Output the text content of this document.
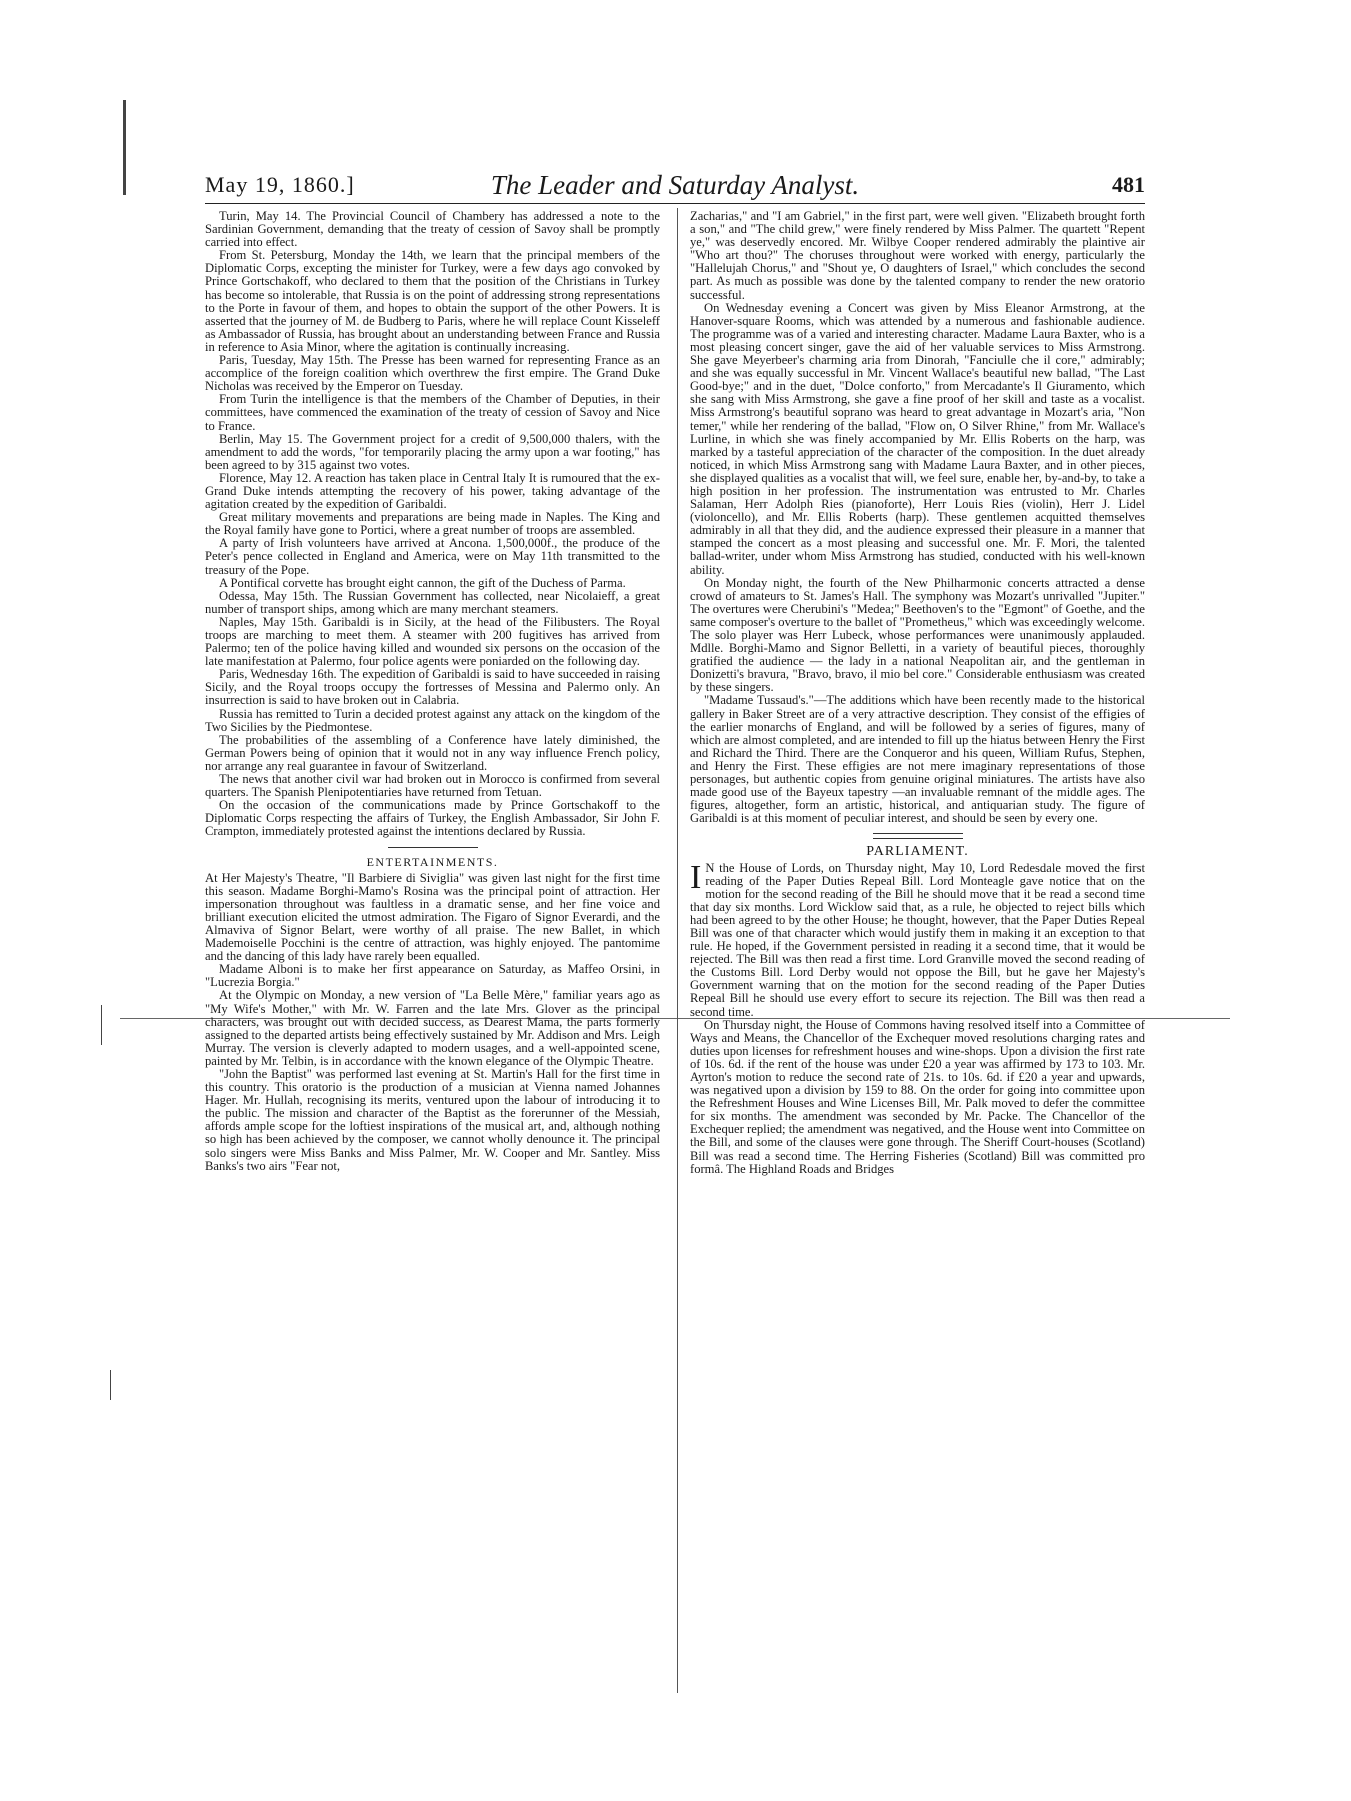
May 19, 1860.]	The Leader and Saturday Analyst.	481

Turin, May 14. The Provincial Council of Chambery has addressed a note to the Sardinian Government, demanding that the treaty of cession of Savoy shall be promptly carried into effect.

From St. Petersburg, Monday the 14th, we learn that the principal members of the Diplomatic Corps, excepting the minister for Turkey, were a few days ago convoked by Prince Gortschakoff, who declared to them that the position of the Christians in Turkey has become so intolerable, that Russia is on the point of addressing strong representations to the Porte in favour of them, and hopes to obtain the support of the other Powers. It is asserted that the journey of M. de Budberg to Paris, where he will replace Count Kisseleff as Ambassador of Russia, has brought about an understanding between France and Russia in reference to Asia Minor, where the agitation is continually increasing.

Paris, Tuesday, May 15th. The Presse has been warned for representing France as an accomplice of the foreign coalition which overthrew the first empire. The Grand Duke Nicholas was received by the Emperor on Tuesday.

From Turin the intelligence is that the members of the Chamber of Deputies, in their committees, have commenced the examination of the treaty of cession of Savoy and Nice to France.

Berlin, May 15. The Government project for a credit of 9,500,000 thalers, with the amendment to add the words, "for temporarily placing the army upon a war footing," has been agreed to by 315 against two votes.

Florence, May 12. A reaction has taken place in Central Italy It is rumoured that the ex-Grand Duke intends attempting the recovery of his power, taking advantage of the agitation created by the expedition of Garibaldi.

Great military movements and preparations are being made in Naples. The King and the Royal family have gone to Portici, where a great number of troops are assembled.

A party of Irish volunteers have arrived at Ancona. 1,500,000f., the produce of the Peter's pence collected in England and America, were on May 11th transmitted to the treasury of the Pope.

A Pontifical corvette has brought eight cannon, the gift of the Duchess of Parma.

Odessa, May 15th. The Russian Government has collected, near Nicolaieff, a great number of transport ships, among which are many merchant steamers.

Naples, May 15th. Garibaldi is in Sicily, at the head of the Filibusters. The Royal troops are marching to meet them. A steamer with 200 fugitives has arrived from Palermo; ten of the police having killed and wounded six persons on the occasion of the late manifestation at Palermo, four police agents were poniarded on the following day.

Paris, Wednesday 16th. The expedition of Garibaldi is said to have succeeded in raising Sicily, and the Royal troops occupy the fortresses of Messina and Palermo only. An insurrection is said to have broken out in Calabria.

Russia has remitted to Turin a decided protest against any attack on the kingdom of the Two Sicilies by the Piedmontese.

The probabilities of the assembling of a Conference have lately diminished, the German Powers being of opinion that it would not in any way influence French policy, nor arrange any real guarantee in favour of Switzerland.

The news that another civil war had broken out in Morocco is confirmed from several quarters. The Spanish Plenipotentiaries have returned from Tetuan.

On the occasion of the communications made by Prince Gortschakoff to the Diplomatic Corps respecting the affairs of Turkey, the English Ambassador, Sir John F. Crampton, immediately protested against the intentions declared by Russia.

ENTERTAINMENTS.

At Her Majesty's Theatre, "Il Barbiere di Siviglia" was given last night for the first time this season. Madame Borghi-Mamo's Rosina was the principal point of attraction. Her impersonation throughout was faultless in a dramatic sense, and her fine voice and brilliant execution elicited the utmost admiration. The Figaro of Signor Everardi, and the Almaviva of Signor Belart, were worthy of all praise. The new Ballet, in which Mademoiselle Pocchini is the centre of attraction, was highly enjoyed. The pantomime and the dancing of this lady have rarely been equalled.

Madame Alboni is to make her first appearance on Saturday, as Maffeo Orsini, in "Lucrezia Borgia."

At the Olympic on Monday, a new version of "La Belle Mère," familiar years ago as "My Wife's Mother," with Mr. W. Farren and the late Mrs. Glover as the principal characters, was brought out with decided success, as Dearest Mama, the parts formerly assigned to the departed artists being effectively sustained by Mr. Addison and Mrs. Leigh Murray. The version is cleverly adapted to modern usages, and a well-appointed scene, painted by Mr. Telbin, is in accordance with the known elegance of the Olympic Theatre.

"John the Baptist" was performed last evening at St. Martin's Hall for the first time in this country. This oratorio is the production of a musician at Vienna named Johannes Hager. Mr. Hullah, recognising its merits, ventured upon the labour of introducing it to the public. The mission and character of the Baptist as the forerunner of the Messiah, affords ample scope for the loftiest inspirations of the musical art, and, although nothing so high has been achieved by the composer, we cannot wholly denounce it. The principal solo singers were Miss Banks and Miss Palmer, Mr. W. Cooper and Mr. Santley. Miss Banks's two airs "Fear not,

Zacharias," and "I am Gabriel," in the first part, were well given. "Elizabeth brought forth a son," and "The child grew," were finely rendered by Miss Palmer. The quartett "Repent ye," was deservedly encored. Mr. Wilbye Cooper rendered admirably the plaintive air "Who art thou?" The choruses throughout were worked with energy, particularly the "Hallelujah Chorus," and "Shout ye, O daughters of Israel," which concludes the second part. As much as possible was done by the talented company to render the new oratorio successful.

On Wednesday evening a Concert was given by Miss Eleanor Armstrong, at the Hanover-square Rooms, which was attended by a numerous and fashionable audience. The programme was of a varied and interesting character. Madame Laura Baxter, who is a most pleasing concert singer, gave the aid of her valuable services to Miss Armstrong. She gave Meyerbeer's charming aria from Dinorah, "Fanciulle che il core," admirably; and she was equally successful in Mr. Vincent Wallace's beautiful new ballad, "The Last Good-bye;" and in the duet, "Dolce conforto," from Mercadante's Il Giuramento, which she sang with Miss Armstrong, she gave a fine proof of her skill and taste as a vocalist. Miss Armstrong's beautiful soprano was heard to great advantage in Mozart's aria, "Non temer," while her rendering of the ballad, "Flow on, O Silver Rhine," from Mr. Wallace's Lurline, in which she was finely accompanied by Mr. Ellis Roberts on the harp, was marked by a tasteful appreciation of the character of the composition. In the duet already noticed, in which Miss Armstrong sang with Madame Laura Baxter, and in other pieces, she displayed qualities as a vocalist that will, we feel sure, enable her, by-and-by, to take a high position in her profession. The instrumentation was entrusted to Mr. Charles Salaman, Herr Adolph Ries (pianoforte), Herr Louis Ries (violin), Herr J. Lidel (violoncello), and Mr. Ellis Roberts (harp). These gentlemen acquitted themselves admirably in all that they did, and the audience expressed their pleasure in a manner that stamped the concert as a most pleasing and successful one. Mr. F. Mori, the talented ballad-writer, under whom Miss Armstrong has studied, conducted with his well-known ability.

On Monday night, the fourth of the New Philharmonic concerts attracted a dense crowd of amateurs to St. James's Hall. The symphony was Mozart's unrivalled "Jupiter." The overtures were Cherubini's "Medea;" Beethoven's to the "Egmont" of Goethe, and the same composer's overture to the ballet of "Prometheus," which was exceedingly welcome. The solo player was Herr Lubeck, whose performances were unanimously applauded. Mdlle. Borghi-Mamo and Signor Belletti, in a variety of beautiful pieces, thoroughly gratified the audience — the lady in a national Neapolitan air, and the gentleman in Donizetti's bravura, "Bravo, bravo, il mio bel core." Considerable enthusiasm was created by these singers.

"Madame Tussaud's."—The additions which have been recently made to the historical gallery in Baker Street are of a very attractive description. They consist of the effigies of the earlier monarchs of England, and will be followed by a series of figures, many of which are almost completed, and are intended to fill up the hiatus between Henry the First and Richard the Third. There are the Conqueror and his queen, William Rufus, Stephen, and Henry the First. These effigies are not mere imaginary representations of those personages, but authentic copies from genuine original miniatures. The artists have also made good use of the Bayeux tapestry —an invaluable remnant of the middle ages. The figures, altogether, form an artistic, historical, and antiquarian study. The figure of Garibaldi is at this moment of peculiar interest, and should be seen by every one.

PARLIAMENT.

I N the House of Lords, on Thursday night, May 10, Lord Redesdale moved the first reading of the Paper Duties Repeal Bill. Lord Monteagle gave notice that on the motion for the second reading of the Bill he should move that it be read a second time that day six months. Lord Wicklow said that, as a rule, he objected to reject bills which had been agreed to by the other House; he thought, however, that the Paper Duties Repeal Bill was one of that character which would justify them in making it an exception to that rule. He hoped, if the Government persisted in reading it a second time, that it would be rejected. The Bill was then read a first time. Lord Granville moved the second reading of the Customs Bill. Lord Derby would not oppose the Bill, but he gave her Majesty's Government warning that on the motion for the second reading of the Paper Duties Repeal Bill he should use every effort to secure its rejection. The Bill was then read a second time.

On Thursday night, the House of Commons having resolved itself into a Committee of Ways and Means, the Chancellor of the Exchequer moved resolutions charging rates and duties upon licenses for refreshment houses and wine-shops. Upon a division the first rate of 10s. 6d. if the rent of the house was under £20 a year was affirmed by 173 to 103. Mr. Ayrton's motion to reduce the second rate of 21s. to 10s. 6d. if £20 a year and upwards, was negatived upon a division by 159 to 88. On the order for going into committee upon the Refreshment Houses and Wine Licenses Bill, Mr. Palk moved to defer the committee for six months. The amendment was seconded by Mr. Packe. The Chancellor of the Exchequer replied; the amendment was negatived, and the House went into Committee on the Bill, and some of the clauses were gone through. The Sheriff Court-houses (Scotland) Bill was read a second time. The Herring Fisheries (Scotland) Bill was committed pro formâ. The Highland Roads and Bridges
